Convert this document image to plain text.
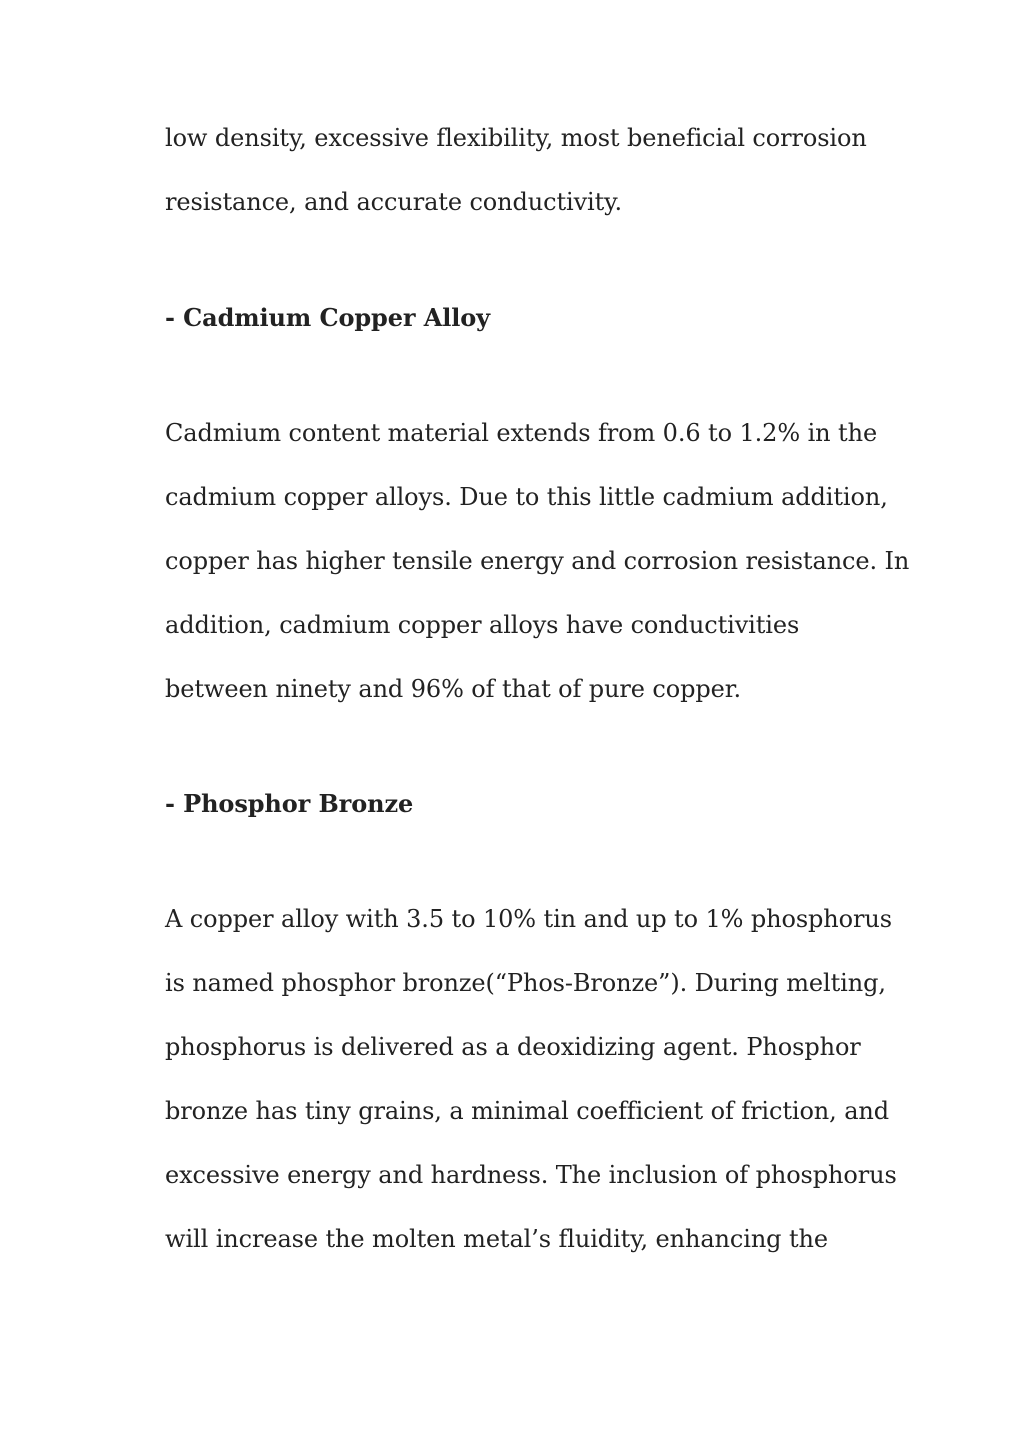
low density, excessive flexibility, most beneficial corrosion
resistance, and accurate conductivity.
- Cadmium Copper Alloy
Cadmium content material extends from 0.6 to 1.2% in the
cadmium copper alloys. Due to this little cadmium addition,
copper has higher tensile energy and corrosion resistance. In
addition, cadmium copper alloys have conductivities
between ninety and 96% of that of pure copper.
- Phosphor Bronze
A copper alloy with 3.5 to 10% tin and up to 1% phosphorus
is named phosphor bronze(“Phos-Bronze”). During melting,
phosphorus is delivered as a deoxidizing agent. Phosphor
bronze has tiny grains, a minimal coefficient of friction, and
excessive energy and hardness. The inclusion of phosphorus
will increase the molten metal’s fluidity, enhancing the
